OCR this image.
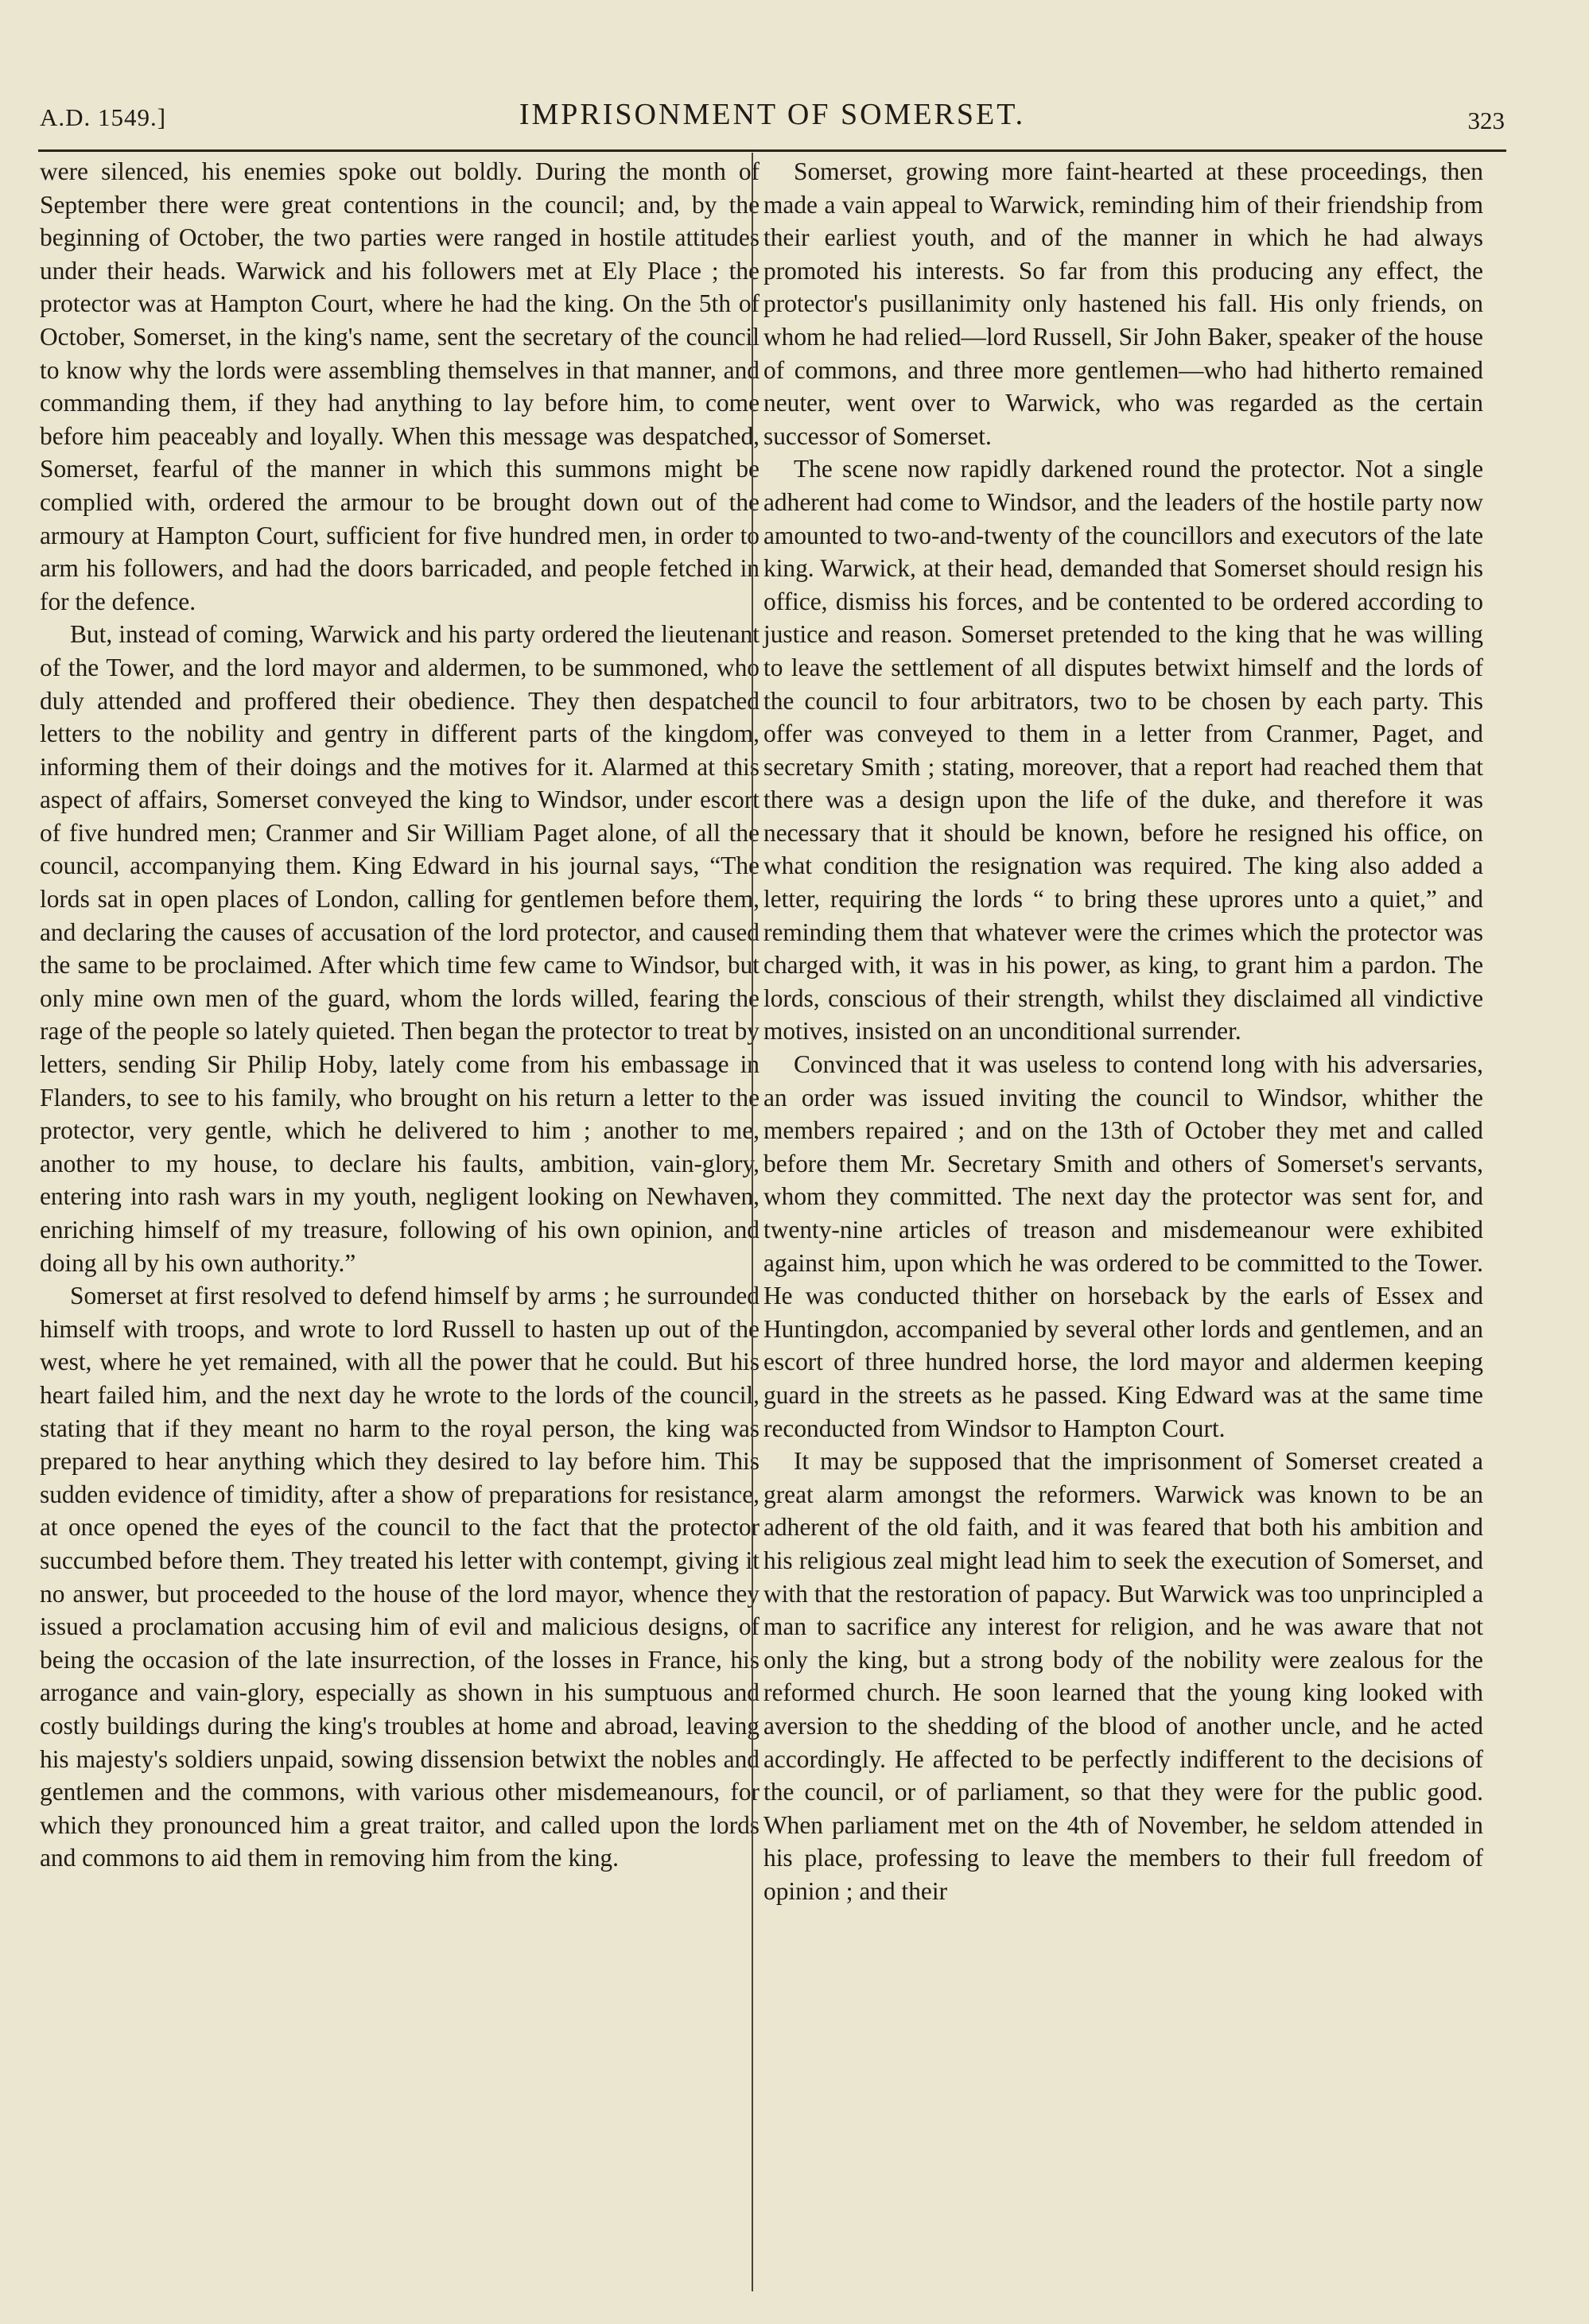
A.D. 1549.]	IMPRISONMENT OF SOMERSET.	323

were silenced, his enemies spoke out boldly. During the month of September there were great contentions in the council; and, by the beginning of October, the two parties were ranged in hostile attitudes under their heads. Warwick and his followers met at Ely Place ; the protector was at Hampton Court, where he had the king. On the 5th of October, Somerset, in the king's name, sent the secretary of the council to know why the lords were assembling themselves in that manner, and commanding them, if they had anything to lay before him, to come before him peaceably and loyally. When this message was despatched, Somerset, fearful of the manner in which this summons might be complied with, ordered the armour to be brought down out of the armoury at Hampton Court, sufficient for five hundred men, in order to arm his followers, and had the doors barricaded, and people fetched in for the defence.

But, instead of coming, Warwick and his party ordered the lieutenant of the Tower, and the lord mayor and aldermen, to be summoned, who duly attended and proffered their obedience. They then despatched letters to the nobility and gentry in different parts of the kingdom, informing them of their doings and the motives for it. Alarmed at this aspect of affairs, Somerset conveyed the king to Windsor, under escort of five hundred men; Cranmer and Sir William Paget alone, of all the council, accompanying them. King Edward in his journal says, “The lords sat in open places of London, calling for gentlemen before them, and declaring the causes of accusation of the lord protector, and caused the same to be proclaimed. After which time few came to Windsor, but only mine own men of the guard, whom the lords willed, fearing the rage of the people so lately quieted. Then began the protector to treat by letters, sending Sir Philip Hoby, lately come from his embassage in Flanders, to see to his family, who brought on his return a letter to the protector, very gentle, which he delivered to him ; another to me, another to my house, to declare his faults, ambition, vain-glory, entering into rash wars in my youth, negligent looking on Newhaven, enriching himself of my treasure, following of his own opinion, and doing all by his own authority.”

Somerset at first resolved to defend himself by arms ; he surrounded himself with troops, and wrote to lord Russell to hasten up out of the west, where he yet remained, with all the power that he could. But his heart failed him, and the next day he wrote to the lords of the council, stating that if they meant no harm to the royal person, the king was prepared to hear anything which they desired to lay before him. This sudden evidence of timidity, after a show of preparations for resistance, at once opened the eyes of the council to the fact that the protector succumbed before them. They treated his letter with contempt, giving it no answer, but proceeded to the house of the lord mayor, whence they issued a proclamation accusing him of evil and malicious designs, of being the occasion of the late insurrection, of the losses in France, his arrogance and vain-glory, especially as shown in his sumptuous and costly buildings during the king's troubles at home and abroad, leaving his majesty's soldiers unpaid, sowing dissension betwixt the nobles and gentlemen and the commons, with various other misdemeanours, for which they pronounced him a great traitor, and called upon the lords and commons to aid them in removing him from the king.

Somerset, growing more faint-hearted at these proceedings, then made a vain appeal to Warwick, reminding him of their friendship from their earliest youth, and of the manner in which he had always promoted his interests. So far from this producing any effect, the protector's pusillanimity only hastened his fall. His only friends, on whom he had relied—lord Russell, Sir John Baker, speaker of the house of commons, and three more gentlemen—who had hitherto remained neuter, went over to Warwick, who was regarded as the certain successor of Somerset.

The scene now rapidly darkened round the protector. Not a single adherent had come to Windsor, and the leaders of the hostile party now amounted to two-and-twenty of the councillors and executors of the late king. Warwick, at their head, demanded that Somerset should resign his office, dismiss his forces, and be contented to be ordered according to justice and reason. Somerset pretended to the king that he was willing to leave the settlement of all disputes betwixt himself and the lords of the council to four arbitrators, two to be chosen by each party. This offer was conveyed to them in a letter from Cranmer, Paget, and secretary Smith ; stating, moreover, that a report had reached them that there was a design upon the life of the duke, and therefore it was necessary that it should be known, before he resigned his office, on what condition the resignation was required. The king also added a letter, requiring the lords “ to bring these uprores unto a quiet,” and reminding them that whatever were the crimes which the protector was charged with, it was in his power, as king, to grant him a pardon. The lords, conscious of their strength, whilst they disclaimed all vindictive motives, insisted on an unconditional surrender.

Convinced that it was useless to contend long with his adversaries, an order was issued inviting the council to Windsor, whither the members repaired ; and on the 13th of October they met and called before them Mr. Secretary Smith and others of Somerset's servants, whom they committed. The next day the protector was sent for, and twenty-nine articles of treason and misdemeanour were exhibited against him, upon which he was ordered to be committed to the Tower. He was conducted thither on horseback by the earls of Essex and Huntingdon, accompanied by several other lords and gentlemen, and an escort of three hundred horse, the lord mayor and aldermen keeping guard in the streets as he passed. King Edward was at the same time reconducted from Windsor to Hampton Court.

It may be supposed that the imprisonment of Somerset created a great alarm amongst the reformers. Warwick was known to be an adherent of the old faith, and it was feared that both his ambition and his religious zeal might lead him to seek the execution of Somerset, and with that the restoration of papacy. But Warwick was too unprincipled a man to sacrifice any interest for religion, and he was aware that not only the king, but a strong body of the nobility were zealous for the reformed church. He soon learned that the young king looked with aversion to the shedding of the blood of another uncle, and he acted accordingly. He affected to be perfectly indifferent to the decisions of the council, or of parliament, so that they were for the public good. When parliament met on the 4th of November, he seldom attended in his place, professing to leave the members to their full freedom of opinion ; and their
